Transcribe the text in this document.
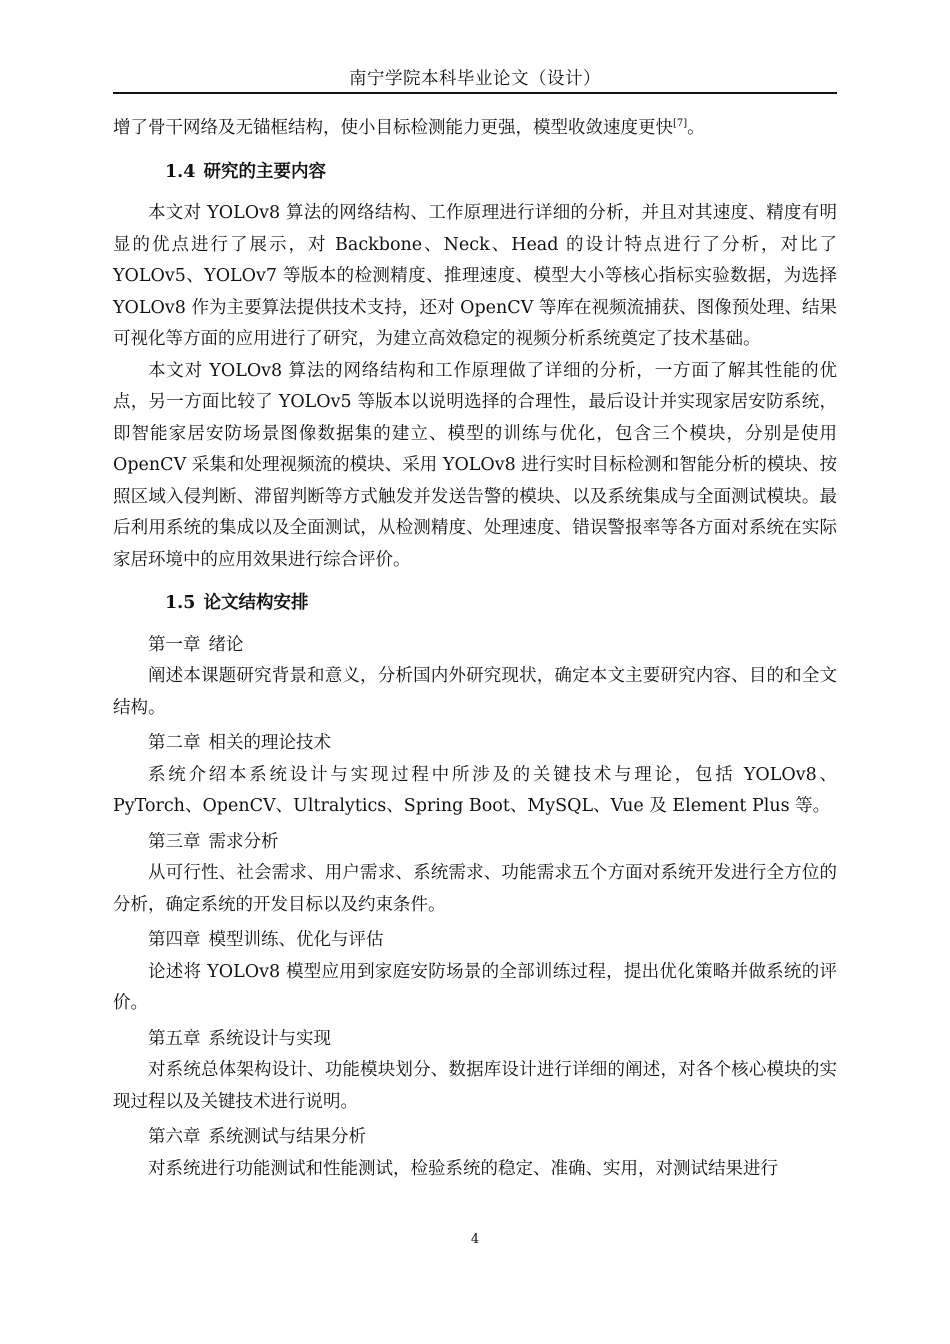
南宁学院本科毕业论文（设计）

增了骨干网络及无锚框结构，使小目标检测能力更强，模型收敛速度更快[7]。

1.4 研究的主要内容

本文对 YOLOv8 算法的网络结构、工作原理进行详细的分析，并且对其速度、精度有明显的优点进行了展示，对 Backbone、Neck、Head 的设计特点进行了分析，对比了 YOLOv5、YOLOv7 等版本的检测精度、推理速度、模型大小等核心指标实验数据，为选择 YOLOv8 作为主要算法提供技术支持，还对 OpenCV 等库在视频流捕获、图像预处理、结果可视化等方面的应用进行了研究，为建立高效稳定的视频分析系统奠定了技术基础。

本文对 YOLOv8 算法的网络结构和工作原理做了详细的分析，一方面了解其性能的优点，另一方面比较了 YOLOv5 等版本以说明选择的合理性，最后设计并实现家居安防系统，即智能家居安防场景图像数据集的建立、模型的训练与优化，包含三个模块，分别是使用 OpenCV 采集和处理视频流的模块、采用 YOLOv8 进行实时目标检测和智能分析的模块、按照区域入侵判断、滞留判断等方式触发并发送告警的模块、以及系统集成与全面测试模块。最后利用系统的集成以及全面测试，从检测精度、处理速度、错误警报率等各方面对系统在实际家居环境中的应用效果进行综合评价。

1.5 论文结构安排
第一章 绪论

阐述本课题研究背景和意义，分析国内外研究现状，确定本文主要研究内容、目的和全文结构。

第二章 相关的理论技术

系统介绍本系统设计与实现过程中所涉及的关键技术与理论，包括 YOLOv8、PyTorch、OpenCV、Ultralytics、Spring Boot、MySQL、Vue 及 Element Plus 等。

第三章 需求分析

从可行性、社会需求、用户需求、系统需求、功能需求五个方面对系统开发进行全方位的分析，确定系统的开发目标以及约束条件。

第四章 模型训练、优化与评估

论述将 YOLOv8 模型应用到家庭安防场景的全部训练过程，提出优化策略并做系统的评价。

第五章 系统设计与实现

对系统总体架构设计、功能模块划分、数据库设计进行详细的阐述，对各个核心模块的实现过程以及关键技术进行说明。

第六章 系统测试与结果分析

对系统进行功能测试和性能测试，检验系统的稳定、准确、实用，对测试结果进行

4
